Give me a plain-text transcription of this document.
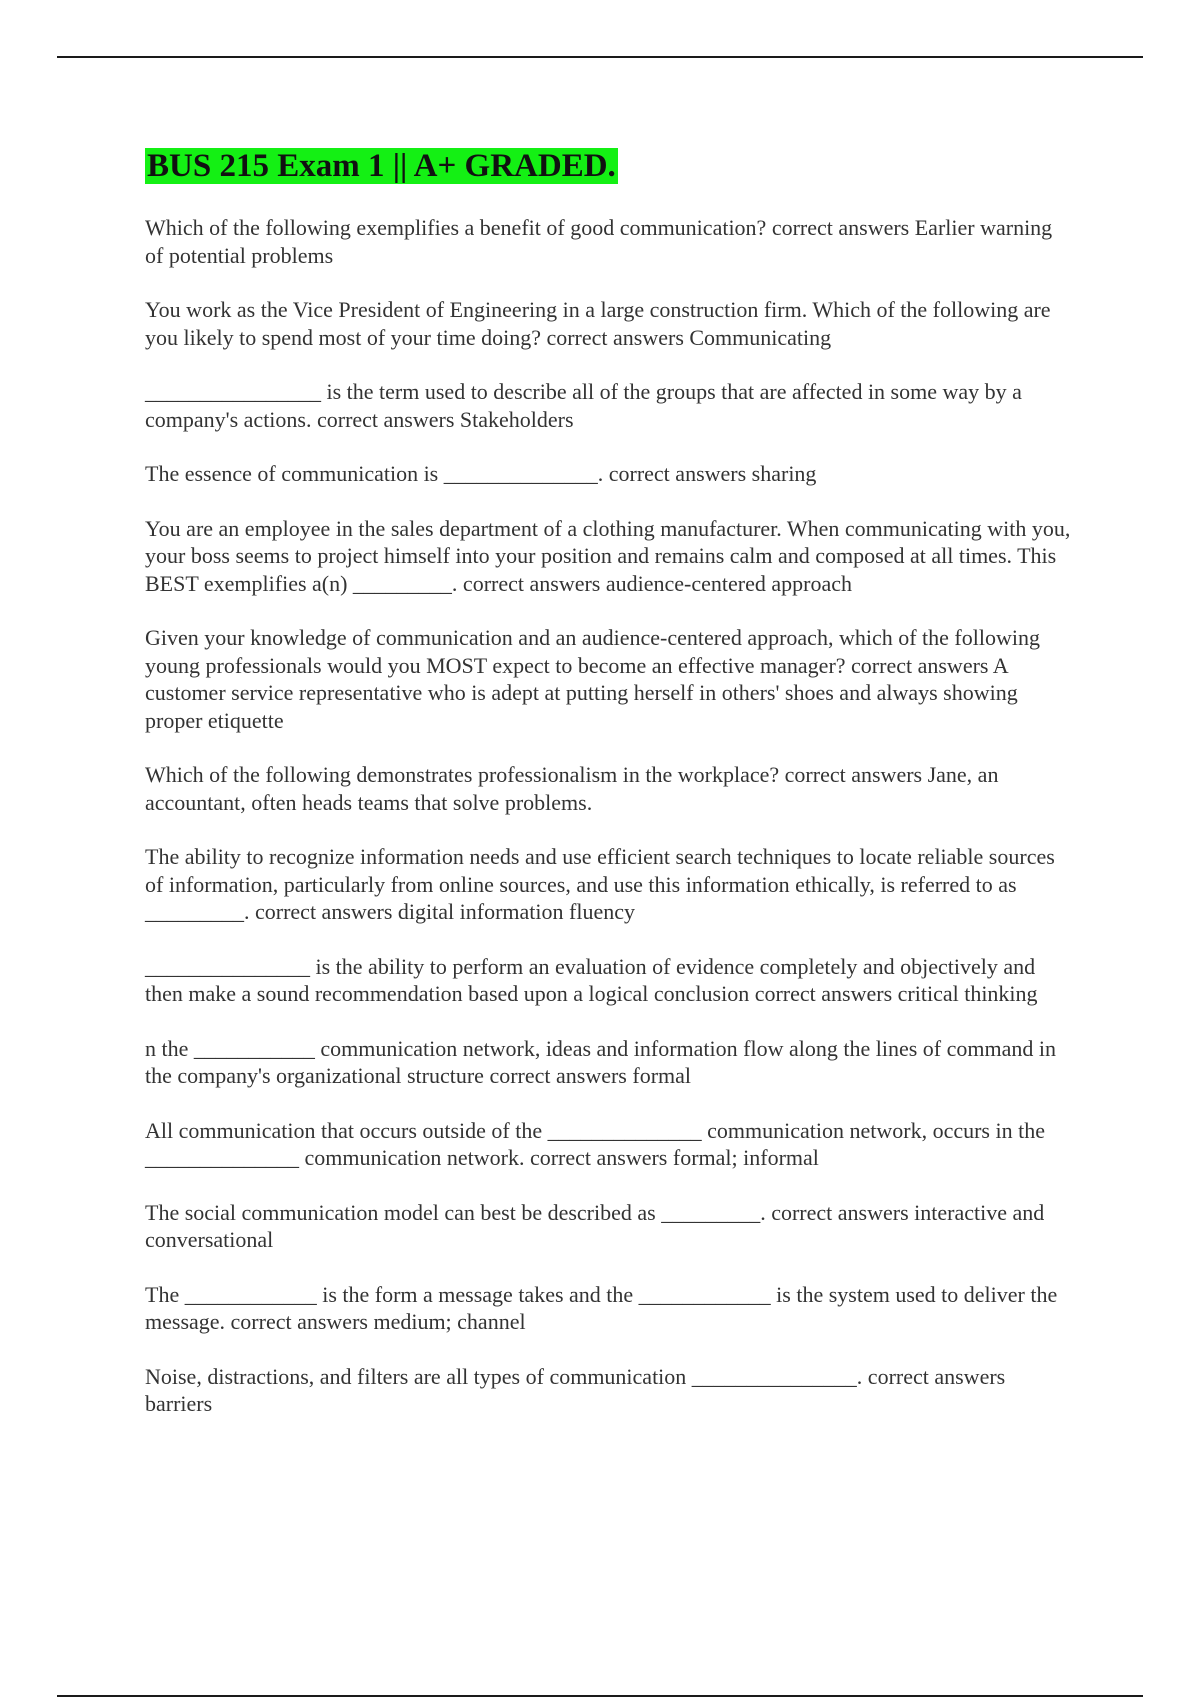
BUS 215 Exam 1 || A+ GRADED.

Which of the following exemplifies a benefit of good communication? correct answers Earlier warning of potential problems

You work as the Vice President of Engineering in a large construction firm. Which of the following are you likely to spend most of your time doing? correct answers Communicating

________________ is the term used to describe all of the groups that are affected in some way by a company's actions. correct answers Stakeholders

The essence of communication is ______________. correct answers sharing

You are an employee in the sales department of a clothing manufacturer. When communicating with you, your boss seems to project himself into your position and remains calm and composed at all times. This BEST exemplifies a(n) _________. correct answers audience-centered approach

Given your knowledge of communication and an audience-centered approach, which of the following young professionals would you MOST expect to become an effective manager? correct answers A customer service representative who is adept at putting herself in others' shoes and always showing proper etiquette

Which of the following demonstrates professionalism in the workplace? correct answers Jane, an accountant, often heads teams that solve problems.

The ability to recognize information needs and use efficient search techniques to locate reliable sources of information, particularly from online sources, and use this information ethically, is referred to as _________. correct answers digital information fluency

_______________ is the ability to perform an evaluation of evidence completely and objectively and then make a sound recommendation based upon a logical conclusion correct answers critical thinking

n the ___________ communication network, ideas and information flow along the lines of command in the company's organizational structure correct answers formal

All communication that occurs outside of the ______________ communication network, occurs in the ______________ communication network. correct answers formal; informal

The social communication model can best be described as _________. correct answers interactive and conversational

The ____________ is the form a message takes and the ____________ is the system used to deliver the message. correct answers medium; channel

Noise, distractions, and filters are all types of communication _______________. correct answers barriers
